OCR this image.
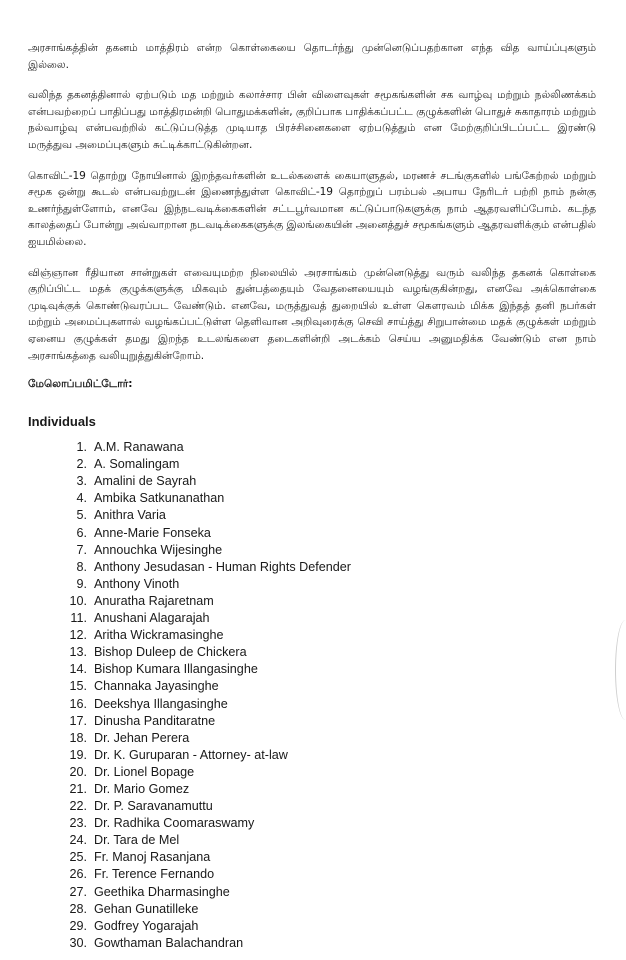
அரசாங்கத்தின் தகனம் மாத்திரம் என்ற கொள்கையை தொடர்ந்து முன்னெடுப்பதற்கான எந்த வித வாய்ப்புகளும் இல்லை.

வலிந்த தகனத்தினால் ஏற்படும் மத மற்றும் கலாச்சார பின் விளைவுகள் சமூகங்களின் சக வாழ்வு மற்றும் நல்லிணக்கம் என்பவற்றைப் பாதிப்பது மாத்திரமன்றி பொதுமக்களின், குறிப்பாக பாதிக்கப்பட்ட குழுக்களின் பொதுச் சுகாதாரம் மற்றும் நல்வாழ்வு என்பவற்றில் கட்டுப்படுத்த முடியாத பிரச்சினைகளை ஏற்படுத்தும் என மேற்குறிப்பிடப்பட்ட இரண்டு மருத்துவ அமைப்புகளும் சுட்டிக்காட்டுகின்றன.

கொவிட்-19 தொற்று நோயினால் இறந்தவர்களின் உடல்களைக் கையாளுதல், மரணச் சடங்குகளில் பங்கேற்றல் மற்றும் சமூக ஒன்று கூடல் என்பவற்றுடன் இணைந்துள்ள கொவிட்-19 தொற்றுப் பரம்பல் அபாய நேரிடர் பற்றி நாம் நன்கு உணர்ந்துள்ளோம், எனவே இந்நடவடிக்கைகளின் சட்டபூர்வமான கட்டுப்பாடுகளுக்கு நாம் ஆதரவளிப்போம். கடந்த காலத்தைப் போன்று அவ்வாறான நடவடிக்கைகளுக்கு இலங்கையின் அனைத்துச் சமூகங்களும் ஆதரவளிக்கும் என்பதில் ஐயமில்லை.

விஞ்ஞான ரீதியான சான்றுகள் எவையுமற்ற நிலையில் அரசாங்கம் முன்னெடுத்து வரும் வலிந்த தகனக் கொள்கை குறிப்பிட்ட மதக் குழுக்களுக்கு மிகவும் துன்பத்தையும் வேதனையையும் வழங்குகின்றது, எனவே அக்கொள்கை முடிவுக்குக் கொண்டுவரப்பட வேண்டும். எனவே, மருத்துவத் துறையில் உள்ள கௌரவம் மிக்க இந்தத் தனி நபர்கள் மற்றும் அமைப்புகளால் வழங்கப்பட்டுள்ள தெளிவான அறிவுரைக்கு செவி சாய்த்து சிறுபான்மை மதக் குழுக்கள் மற்றும் ஏனைய குழுக்கள் தமது இறந்த உடலங்களை தடைகளின்றி அடக்கம் செய்ய அனுமதிக்க வேண்டும் என நாம் அரசாங்கத்தை வலியுறுத்துகின்றோம்.

மேலொப்பமிட்டோர்:
Individuals
1. A.M. Ranawana
2. A. Somalingam
3. Amalini de Sayrah
4. Ambika Satkunanathan
5. Anithra Varia
6. Anne-Marie Fonseka
7. Annouchka Wijesinghe
8. Anthony Jesudasan - Human Rights Defender
9. Anthony Vinoth
10. Anuratha Rajaretnam
11. Anushani Alagarajah
12. Aritha Wickramasinghe
13. Bishop Duleep de Chickera
14. Bishop Kumara Illangasinghe
15. Channaka Jayasinghe
16. Deekshya Illangasinghe
17. Dinusha Panditaratne
18. Dr. Jehan Perera
19. Dr. K. Guruparan - Attorney- at-law
20. Dr. Lionel Bopage
21. Dr. Mario Gomez
22. Dr. P. Saravanamuttu
23. Dr. Radhika Coomaraswamy
24. Dr. Tara de Mel
25. Fr. Manoj Rasanjana
26. Fr. Terence Fernando
27. Geethika Dharmasinghe
28. Gehan Gunatilleke
29. Godfrey Yogarajah
30. Gowthaman Balachandran
